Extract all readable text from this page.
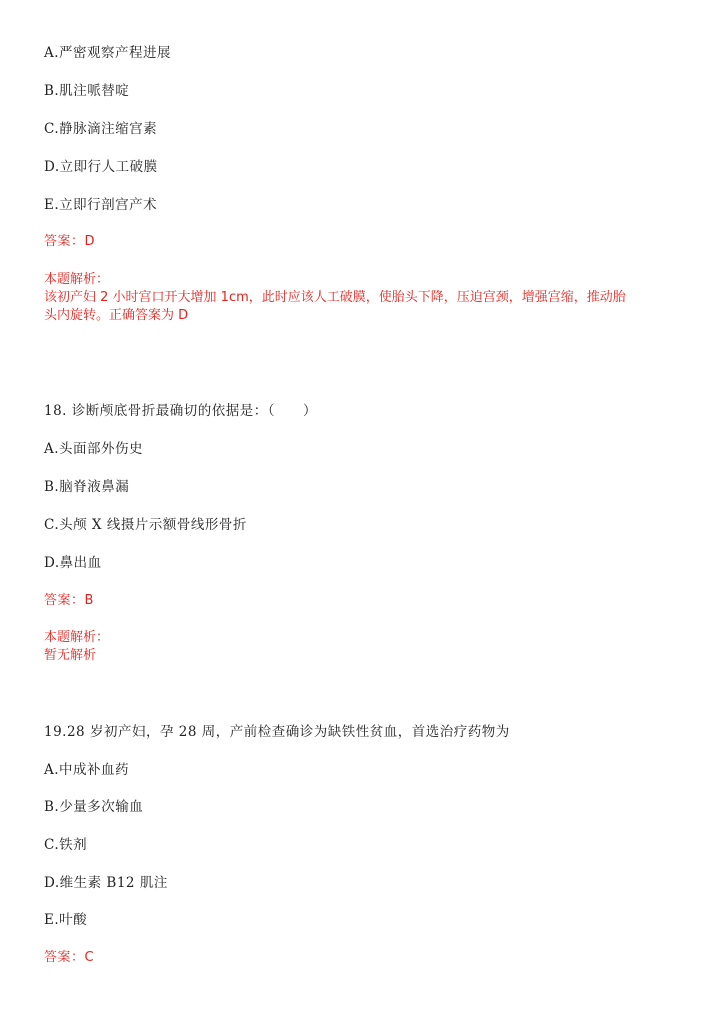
A.严密观察产程进展
B.肌注哌替啶
C.静脉滴注缩宫素
D.立即行人工破膜
E.立即行剖宫产术
答案：D
本题解析：
该初产妇 2 小时宫口开大增加 1cm，此时应该人工破膜，使胎头下降，压迫宫颈，增强宫缩，推动胎
头内旋转。正确答案为 D
18. 诊断颅底骨折最确切的依据是：（　　）
A.头面部外伤史
B.脑脊液鼻漏
C.头颅 X 线摄片示额骨线形骨折
D.鼻出血
答案：B
本题解析：
暂无解析
19.28 岁初产妇，孕 28 周，产前检查确诊为缺铁性贫血，首选治疗药物为
A.中成补血药
B.少量多次输血
C.铁剂
D.维生素 B12 肌注
E.叶酸
答案：C
